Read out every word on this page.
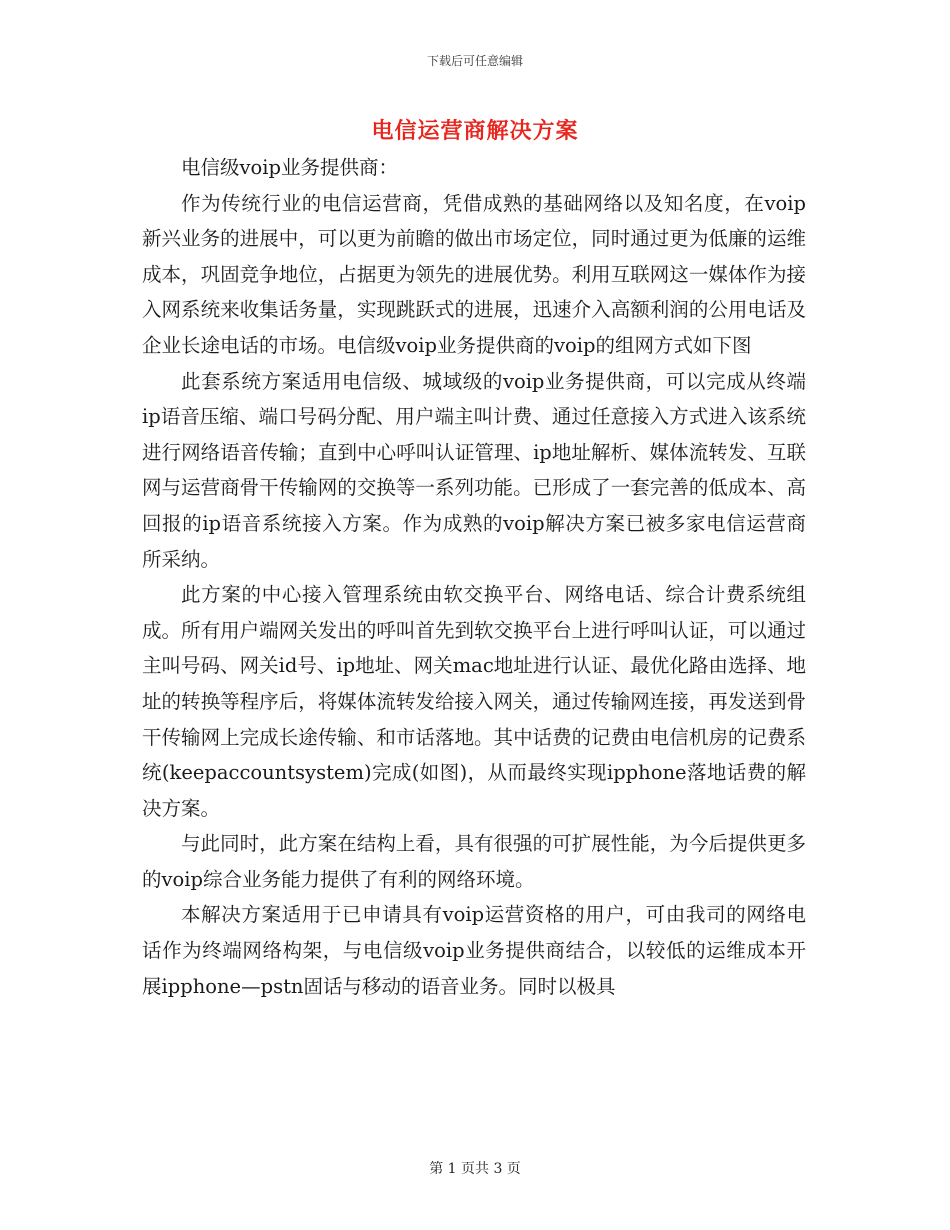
下载后可任意编辑
电信运营商解决方案

电信级voip业务提供商：

作为传统行业的电信运营商，凭借成熟的基础网络以及知名度，在voip新兴业务的进展中，可以更为前瞻的做出市场定位，同时通过更为低廉的运维成本，巩固竞争地位，占据更为领先的进展优势。利用互联网这一媒体作为接入网系统来收集话务量，实现跳跃式的进展，迅速介入高额利润的公用电话及企业长途电话的市场。电信级voip业务提供商的voip的组网方式如下图

此套系统方案适用电信级、城域级的voip业务提供商，可以完成从终端ip语音压缩、端口号码分配、用户端主叫计费、通过任意接入方式进入该系统进行网络语音传输；直到中心呼叫认证管理、ip地址解析、媒体流转发、互联网与运营商骨干传输网的交换等一系列功能。已形成了一套完善的低成本、高回报的ip语音系统接入方案。作为成熟的voip解决方案已被多家电信运营商所采纳。

此方案的中心接入管理系统由软交换平台、网络电话、综合计费系统组成。所有用户端网关发出的呼叫首先到软交换平台上进行呼叫认证，可以通过主叫号码、网关id号、ip地址、网关mac地址进行认证、最优化路由选择、地址的转换等程序后，将媒体流转发给接入网关，通过传输网连接，再发送到骨干传输网上完成长途传输、和市话落地。其中话费的记费由电信机房的记费系统(keepaccountsystem)完成(如图)，从而最终实现ipphone落地话费的解决方案。

与此同时，此方案在结构上看，具有很强的可扩展性能，为今后提供更多的voip综合业务能力提供了有利的网络环境。

本解决方案适用于已申请具有voip运营资格的用户，可由我司的网络电话作为终端网络构架，与电信级voip业务提供商结合，以较低的运维成本开展ipphone—pstn固话与移动的语音业务。同时以极具

第 1 页共 3 页
